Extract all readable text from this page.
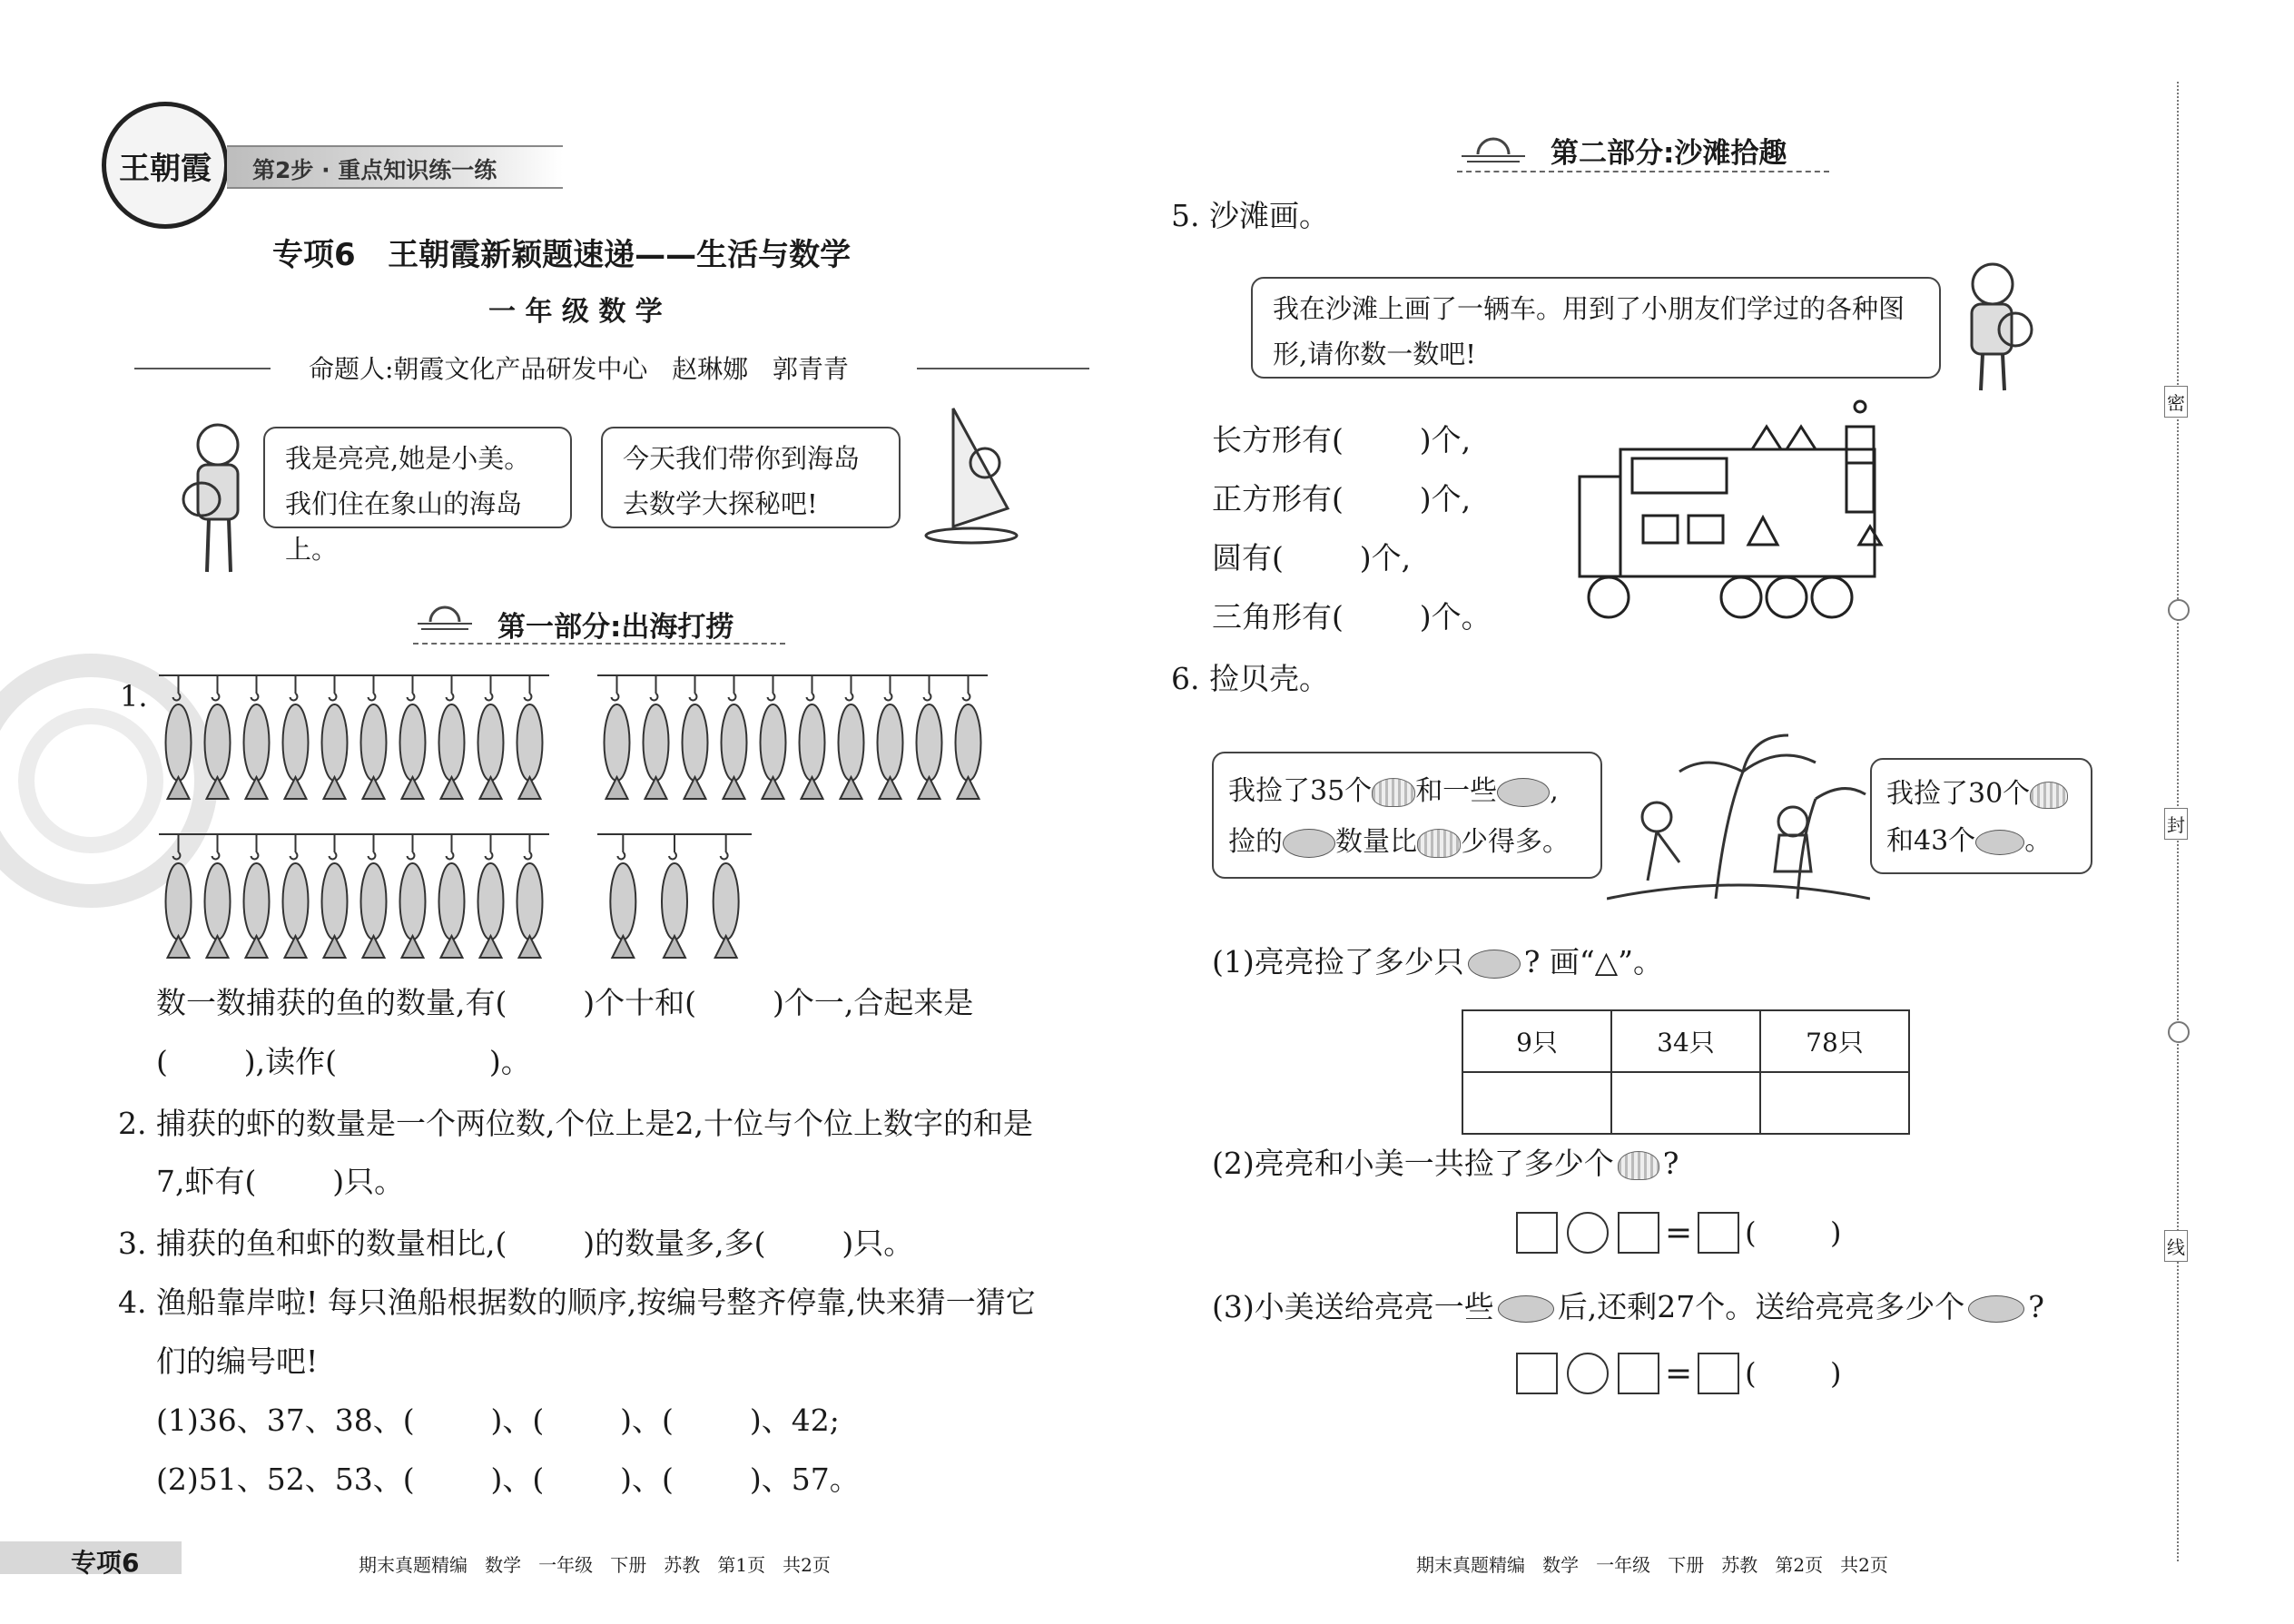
王朝霞 第2步 · 重点知识练一练
专项6   王朝霞新颖题速递——生活与数学
一 年 级 数 学
命题人:朝霞文化产品研发中心   赵琳娜   郭青青
我是亮亮,她是小美。
我们住在象山的海岛上。
今天我们带你到海岛
去数学大探秘吧!
第一部分:出海打捞
1.
数一数捕获的鱼的数量,有(        )个十和(        )个一,合起来是
(        ),读作(                )。
2. 捕获的虾的数量是一个两位数,个位上是2,十位与个位上数字的和是
7,虾有(        )只。
3. 捕获的鱼和虾的数量相比,(        )的数量多,多(        )只。
4. 渔船靠岸啦! 每只渔船根据数的顺序,按编号整齐停靠,快来猜一猜它
们的编号吧!
(1)36、37、38、(        )、(        )、(        )、42;
(2)51、52、53、(        )、(        )、(        )、57。
专项6	期末真题精编   数学   一年级   下册   苏教   第1页   共2页
第二部分:沙滩拾趣
5. 沙滩画。
我在沙滩上画了一辆车。用到了小朋友们学过的各种图
形,请你数一数吧!
长方形有(        )个,
正方形有(        )个,
圆有(        )个,
三角形有(        )个。
6. 捡贝壳。
我捡了35个 和一些 ,
捡的 数量比 少得多。
我捡了30个
和43个 。
(1)亮亮捡了多少只 ? 画“△”。
9只	34只	78只

(2)亮亮和小美一共捡了多少个 ?
= (        )
(3)小美送给亮亮一些 后,还剩27个。送给亮亮多少个 ?
= (        )
密
封
线
期末真题精编   数学   一年级   下册   苏教   第2页   共2页
